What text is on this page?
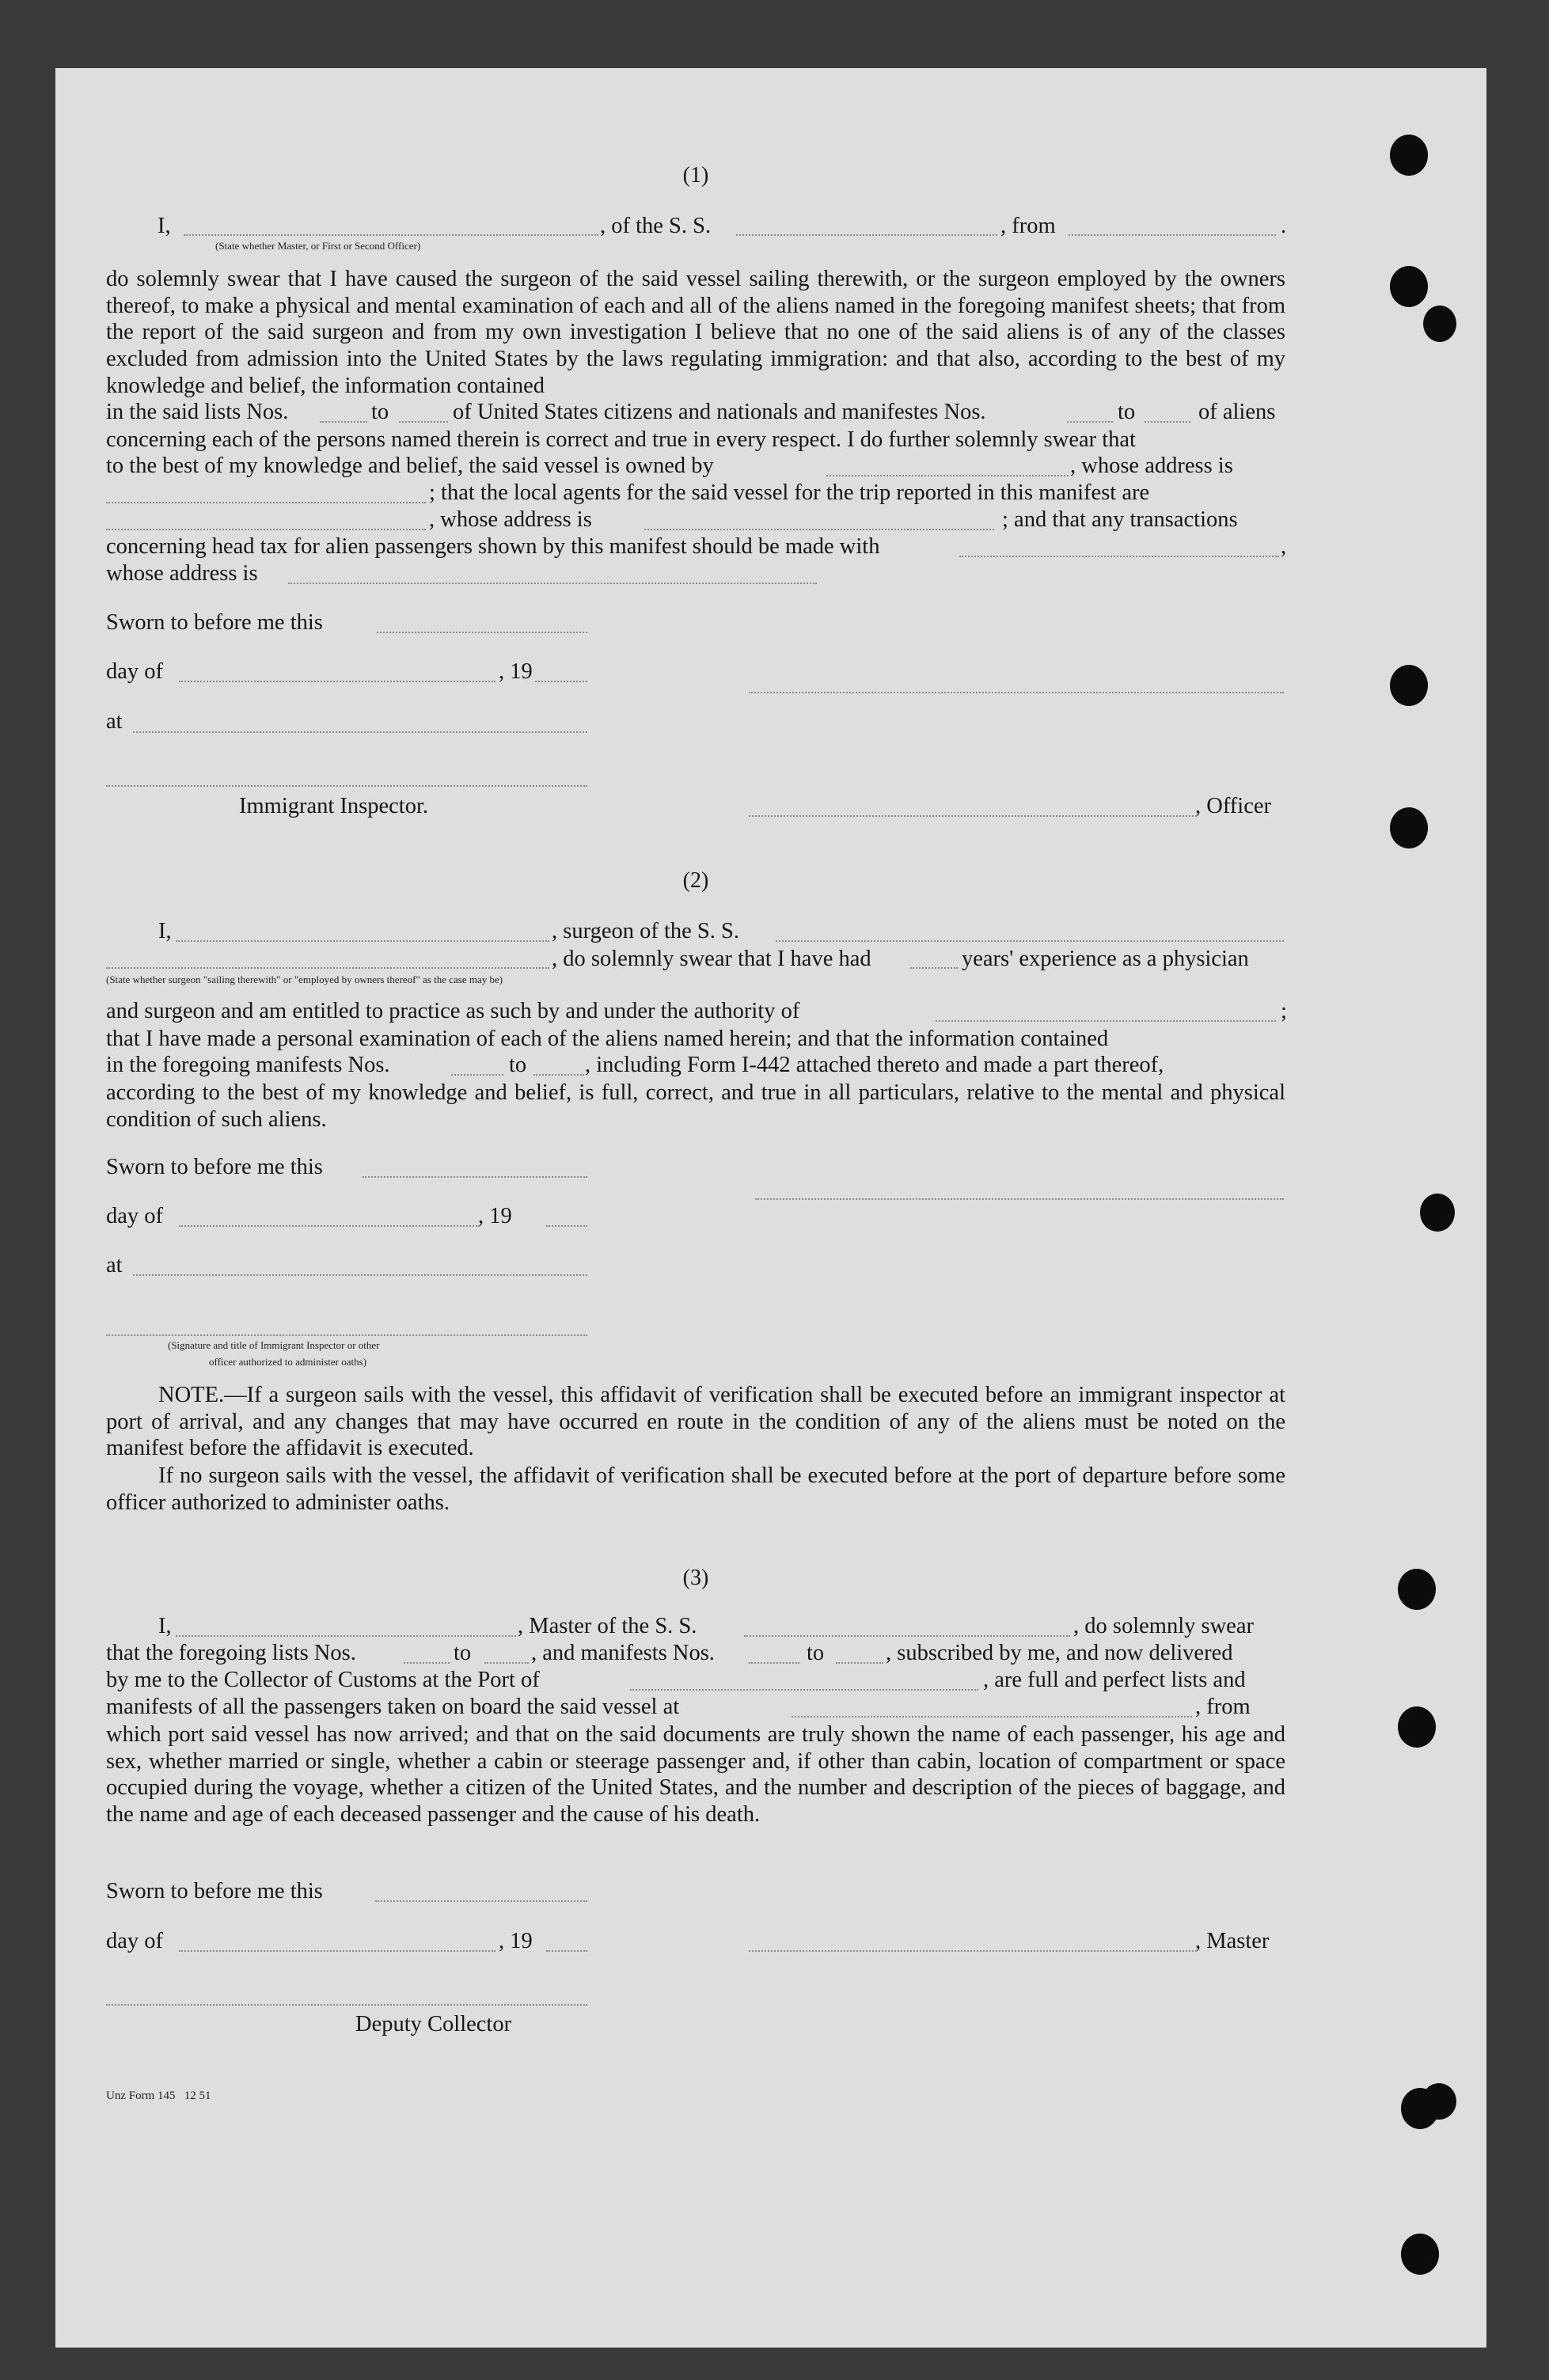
(1)
I,	, of the S. S.	, from	.
(State whether Master, or First or Second Officer)
do solemnly swear that I have caused the surgeon of the said vessel sailing therewith, or the surgeon employed by the owners thereof, to make a physical and mental examination of each and all of the aliens named in the foregoing manifest sheets; that from the report of the said surgeon and from my own investigation I believe that no one of the said aliens is of any of the classes excluded from admission into the United States by the laws regulating immigration: and that also, according to the best of my knowledge and belief, the information contained
in the said lists Nos.	to	of United States citizens and nationals and manifestes Nos.	to	of aliens
concerning each of the persons named therein is correct and true in every respect. I do further solemnly swear that
to the best of my knowledge and belief, the said vessel is owned by	, whose address is
; that the local agents for the said vessel for the trip reported in this manifest are
, whose address is	; and that any transactions
concerning head tax for alien passengers shown by this manifest should be made with	,
whose address is
Sworn to before me this
day of	, 19
at
Immigrant Inspector.	, Officer
(2)
I,	, surgeon of the S. S.
, do solemnly swear that I have had	years' experience as a physician
(State whether surgeon "sailing therewith" or "employed by owners thereof" as the case may be)
and surgeon and am entitled to practice as such by and under the authority of	;
that I have made a personal examination of each of the aliens named herein; and that the information contained
in the foregoing manifests Nos.	to	, including Form I-442 attached thereto and made a part thereof,
according to the best of my knowledge and belief, is full, correct, and true in all particulars, relative to the mental and physical condition of such aliens.
Sworn to before me this
day of	, 19
at
(Signature and title of Immigrant Inspector or other
officer authorized to administer oaths)
NOTE.—If a surgeon sails with the vessel, this affidavit of verification shall be executed before an immigrant inspector at port of arrival, and any changes that may have occurred en route in the condition of any of the aliens must be noted on the manifest before the affidavit is executed.
If no surgeon sails with the vessel, the affidavit of verification shall be executed before at the port of departure before some officer authorized to administer oaths.
(3)
I,	, Master of the S. S.	, do solemnly swear
that the foregoing lists Nos.	to	, and manifests Nos.	to	, subscribed by me, and now delivered
by me to the Collector of Customs at the Port of	, are full and perfect lists and
manifests of all the passengers taken on board the said vessel at	, from
which port said vessel has now arrived; and that on the said documents are truly shown the name of each passenger, his age and sex, whether married or single, whether a cabin or steerage passenger and, if other than cabin, location of compartment or space occupied during the voyage, whether a citizen of the United States, and the number and description of the pieces of baggage, and the name and age of each deceased passenger and the cause of his death.
Sworn to before me this
day of	, 19	, Master
Deputy Collector
Unz Form 145   12 51
